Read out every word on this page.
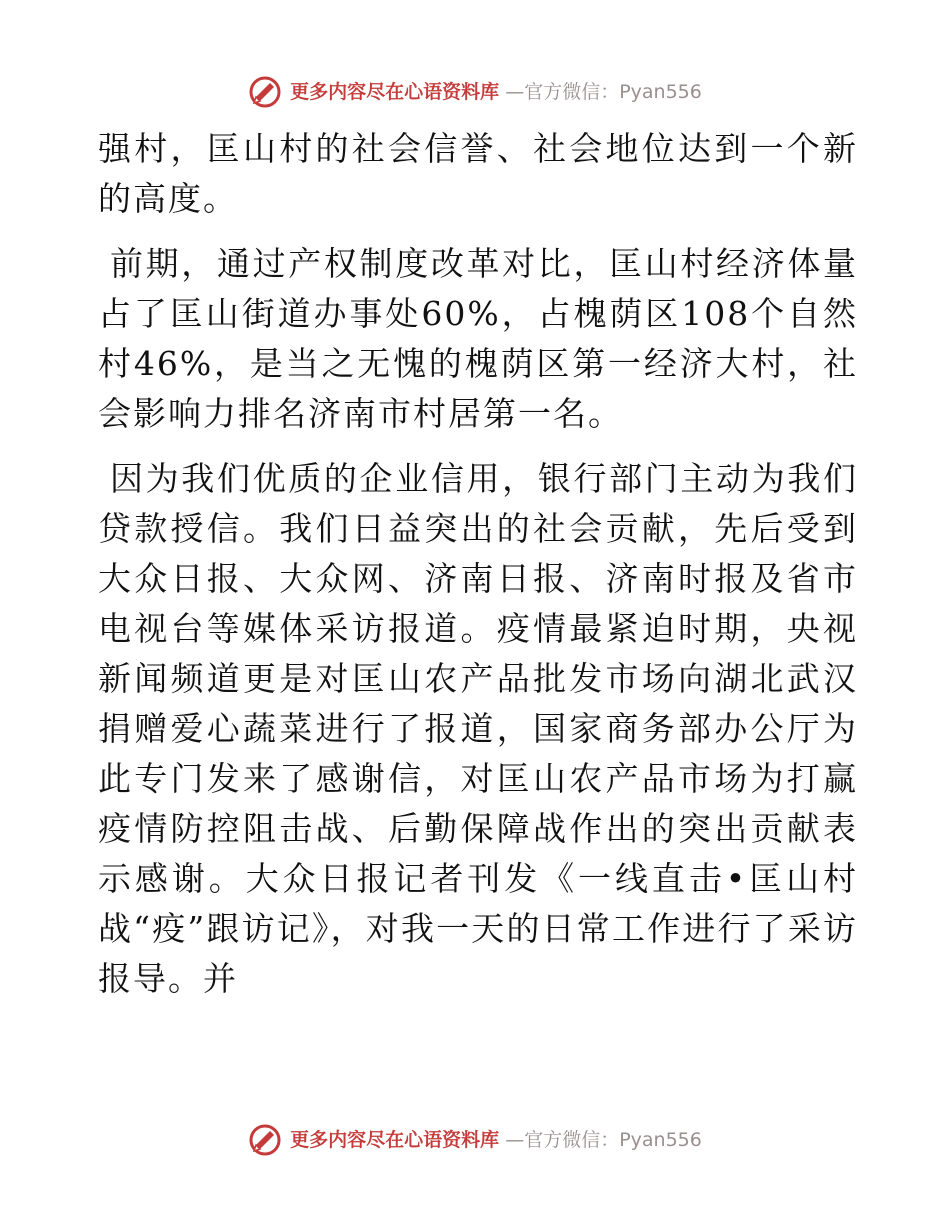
更多内容尽在心语资料库 —官方微信：Pyan556

强村，匡山村的社会信誉、社会地位达到一个新的高度。

前期，通过产权制度改革对比，匡山村经济体量占了匡山街道办事处60%，占槐荫区108个自然村46%，是当之无愧的槐荫区第一经济大村，社会影响力排名济南市村居第一名。

因为我们优质的企业信用，银行部门主动为我们贷款授信。我们日益突出的社会贡献，先后受到大众日报、大众网、济南日报、济南时报及省市电视台等媒体采访报道。疫情最紧迫时期，央视新闻频道更是对匡山农产品批发市场向湖北武汉捐赠爱心蔬菜进行了报道，国家商务部办公厅为此专门发来了感谢信，对匡山农产品市场为打赢疫情防控阻击战、后勤保障战作出的突出贡献表示感谢。大众日报记者刊发《一线直击•匡山村战“疫”跟访记》，对我一天的日常工作进行了采访报导。并

更多内容尽在心语资料库 —官方微信：Pyan556
